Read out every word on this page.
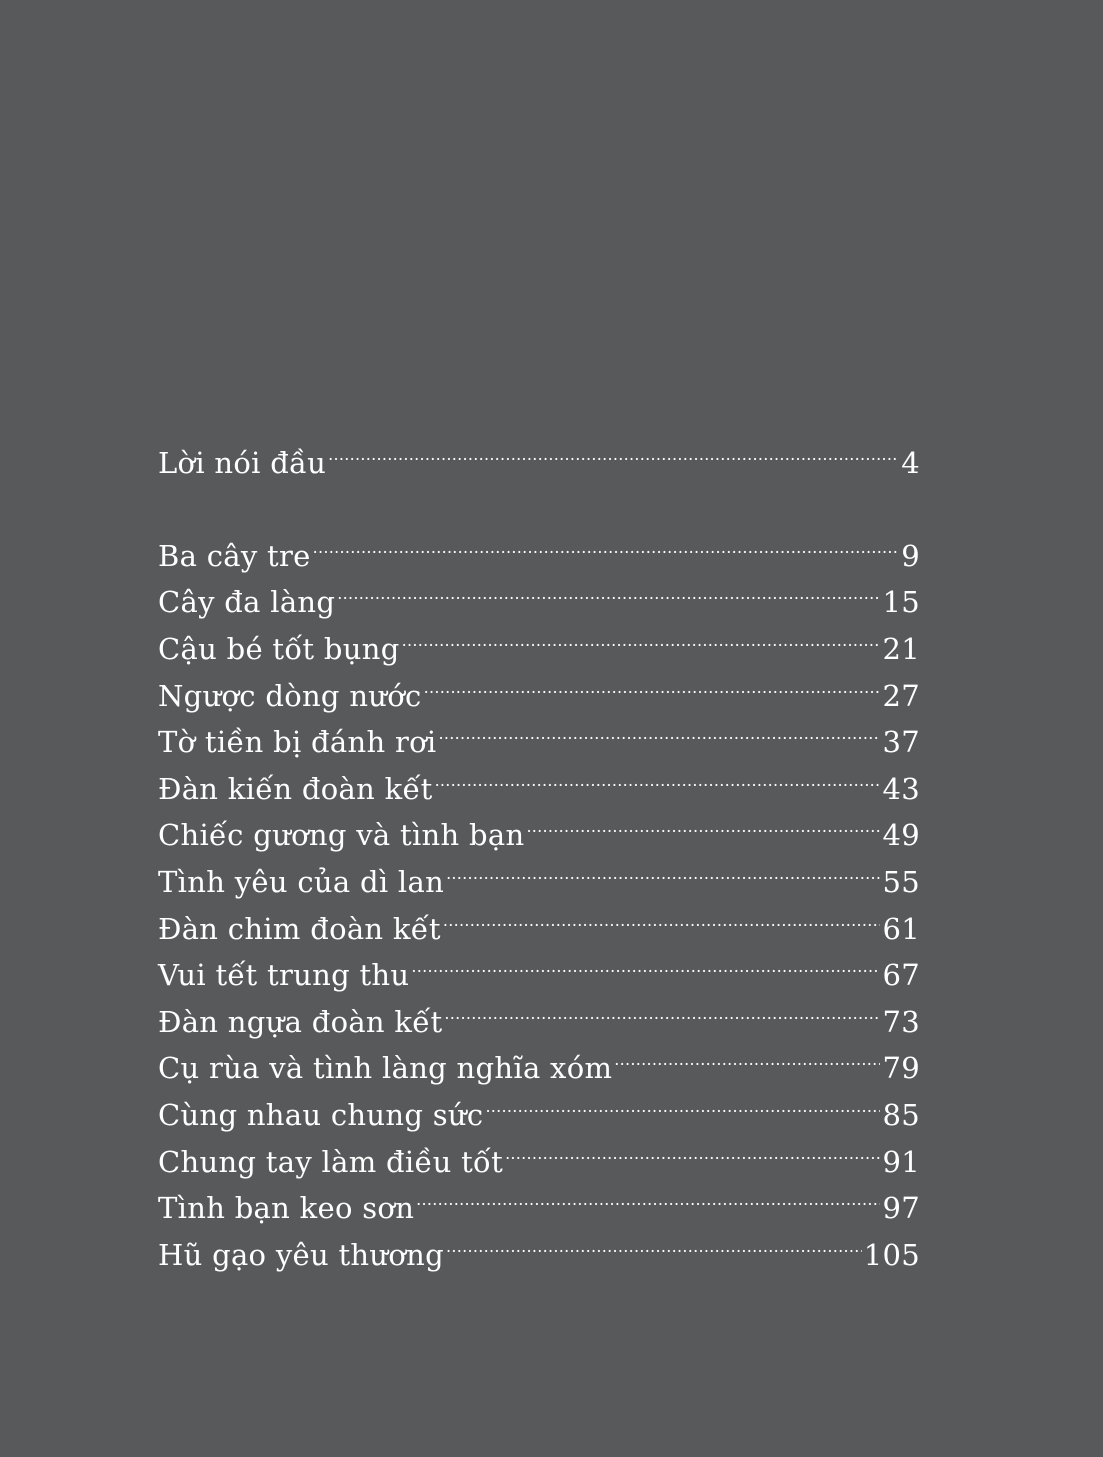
Lời nói đầu . . .	4
Ba cây tre . . .	9
Cây đa làng . . .	15
Cậu bé tốt bụng . . .	21
Ngược dòng nước . . .	27
Tờ tiền bị đánh rơi . . .	37
Đàn kiến đoàn kết . . .	43
Chiếc gương và tình bạn . . .	49
Tình yêu của dì lan . . .	55
Đàn chim đoàn kết . . .	61
Vui tết trung thu . . .	67
Đàn ngựa đoàn kết . . .	73
Cụ rùa và tình làng nghĩa xóm . . .	79
Cùng nhau chung sức . . .	85
Chung tay làm điều tốt . . .	91
Tình bạn keo sơn . . .	97
Hũ gạo yêu thương . . .	105
